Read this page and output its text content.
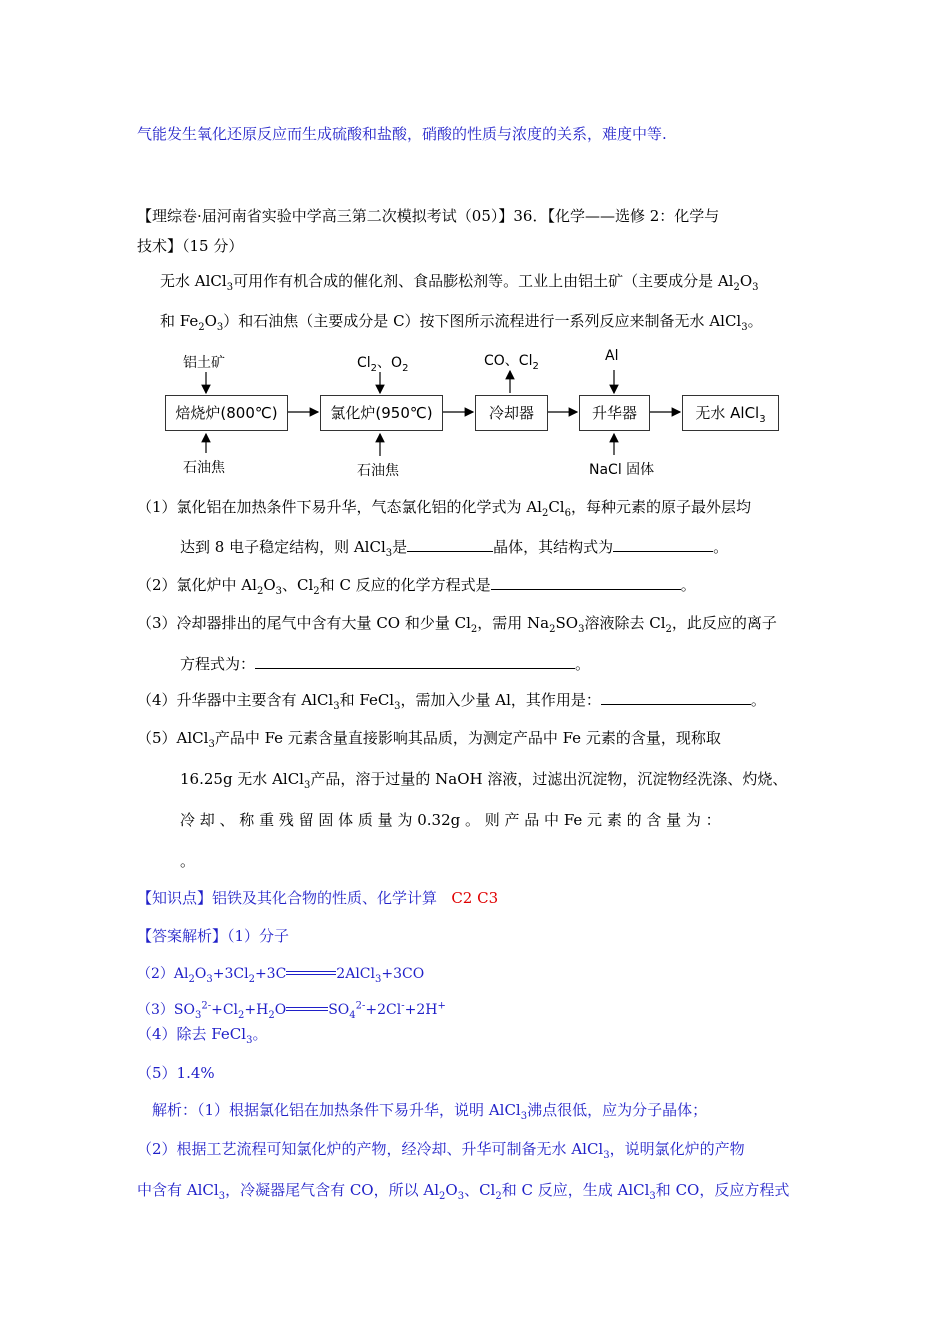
气能发生氧化还原反应而生成硫酸和盐酸，硝酸的性质与浓度的关系，难度中等.
【理综卷·届河南省实验中学高三第二次模拟考试（05）】36．【化学——选修 2：化学与
技术】（15 分）
无水 AlCl$_3$可用作有机合成的催化剂、食品膨松剂等。工业上由铝土矿（主要成分是 $Al_2O_3$
和 $Fe_2O_3$）和石油焦（主要成分是 C）按下图所示流程进行一系列反应来制备无水 AlCl$_3$。
焙烧炉(800℃)	氯化炉(950℃)	冷却器	升华器	无水 AlCl$_3$
铝土矿
石油焦
$Cl_2$、$O_2$
石油焦
CO、$Cl_2$
Al
NaCl 固体
（1）氯化铝在加热条件下易升华，气态氯化铝的化学式为 $Al_2Cl_6$，每种元素的原子最外层均
达到 8 电子稳定结构，则 AlCl$_3$是	晶体，其结构式为	。
（2）氯化炉中 $Al_2O_3$、$Cl_2$和 C 反应的化学方程式是	。
（3）冷却器排出的尾气中含有大量 CO 和少量 $Cl_2$，需用 $Na_2SO_3$溶液除去 $Cl_2$，此反应的离子
方程式为：	。
（4）升华器中主要含有 AlCl$_3$和 FeCl$_3$，需加入少量 Al，其作用是：	。
（5）AlCl$_3$产品中 Fe 元素含量直接影响其品质，为测定产品中 Fe 元素的含量，现称取
16.25g 无水 AlCl$_3$产品，溶于过量的 NaOH 溶液，过滤出沉淀物，沉淀物经洗涤、灼烧、
冷 却 、 称 重 残 留 固 体 质 量 为 0.32g 。 则 产 品 中 Fe 元 素 的 含 量 为 ：
。
【知识点】铝铁及其化合物的性质、化学计算 C2 C3
【答案解析】（1）分子
$(2)Al_2O_3+3Cl_2+3C$	2AlCl$_3$+3CO
$(3)SO_3^{2-}+Cl_2+H_2O$	$SO_4^{2-}+2Cl^-+2H^+$
（4）除去 FeCl$_3$。
（5）1.4%
解析：（1）根据氯化铝在加热条件下易升华，说明 AlCl$_3$沸点很低，应为分子晶体；
（2）根据工艺流程可知氯化炉的产物，经冷却、升华可制备无水 AlCl$_3$，说明氯化炉的产物
中含有 AlCl$_3$，冷凝器尾气含有 CO，所以 $Al_2O_3$、$Cl_2$和 C 反应，生成 AlCl$_3$和 CO，反应方程式
